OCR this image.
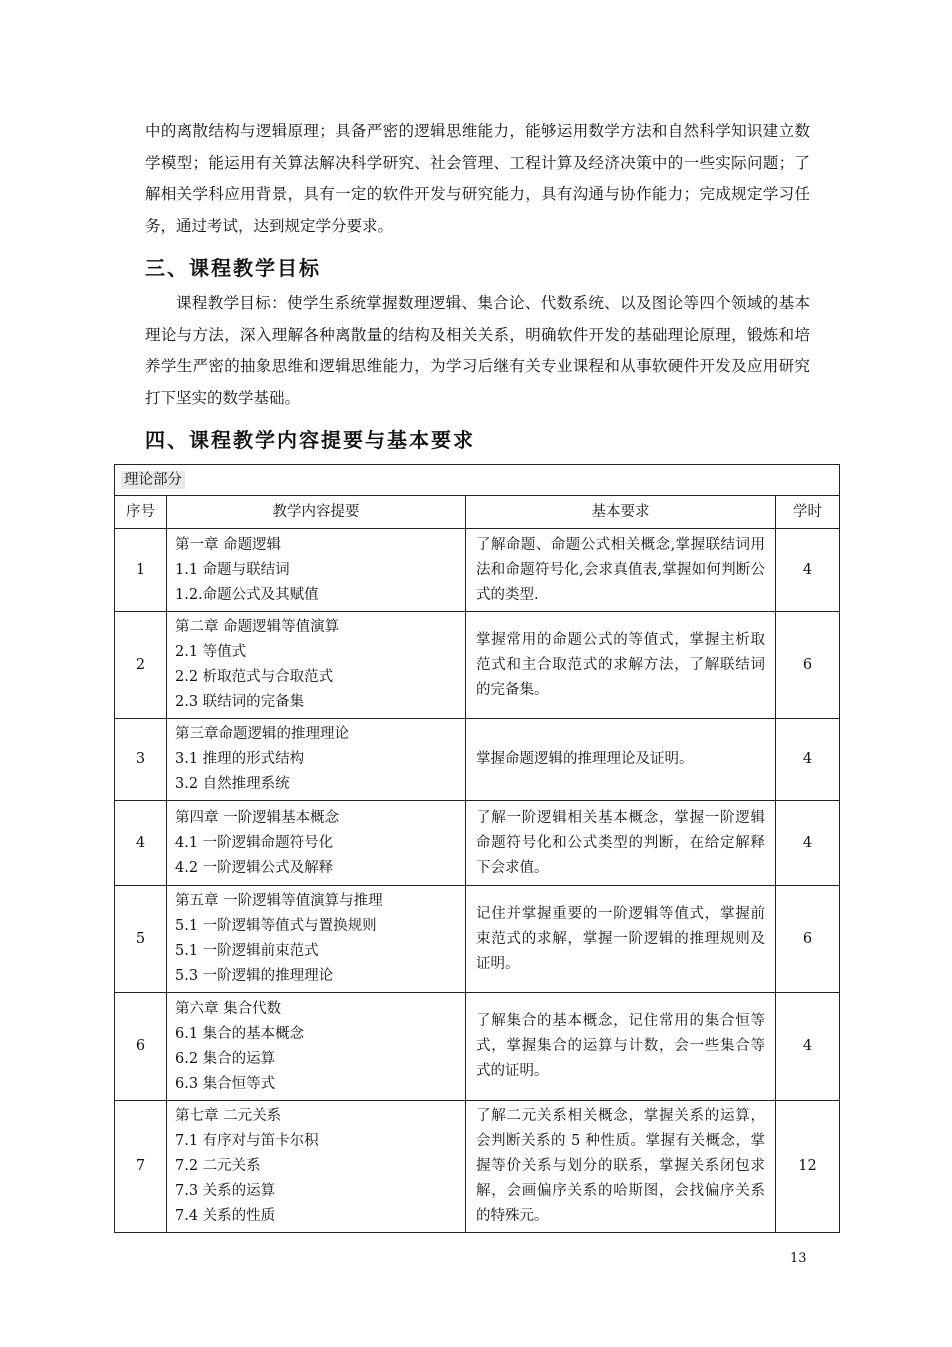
中的离散结构与逻辑原理；具备严密的逻辑思维能力，能够运用数学方法和自然科学知识建立数学模型；能运用有关算法解决科学研究、社会管理、工程计算及经济决策中的一些实际问题；了解相关学科应用背景，具有一定的软件开发与研究能力，具有沟通与协作能力；完成规定学习任务，通过考试，达到规定学分要求。

三、课程教学目标

课程教学目标：使学生系统掌握数理逻辑、集合论、代数系统、以及图论等四个领域的基本理论与方法，深入理解各种离散量的结构及相关关系，明确软件开发的基础理论原理，锻炼和培养学生严密的抽象思维和逻辑思维能力，为学习后继有关专业课程和从事软硬件开发及应用研究打下坚实的数学基础。

四、课程教学内容提要与基本要求
理论部分			
序号	教学内容提要	基本要求	学时
1	第一章 命题逻辑
1.1 命题与联结词
1.2.命题公式及其赋值	了解命题、命题公式相关概念,掌握联结词用法和命题符号化,会求真值表,掌握如何判断公式的类型.	4
2	第二章 命题逻辑等值演算
2.1 等值式
2.2 析取范式与合取范式
2.3 联结词的完备集	掌握常用的命题公式的等值式，掌握主析取范式和主合取范式的求解方法，了解联结词的完备集。	6
3	第三章命题逻辑的推理理论
3.1 推理的形式结构
3.2 自然推理系统	掌握命题逻辑的推理理论及证明。	4
4	第四章 一阶逻辑基本概念
4.1 一阶逻辑命题符号化
4.2 一阶逻辑公式及解释	了解一阶逻辑相关基本概念，掌握一阶逻辑命题符号化和公式类型的判断，在给定解释下会求值。	4
5	第五章 一阶逻辑等值演算与推理
5.1 一阶逻辑等值式与置换规则
5.1 一阶逻辑前束范式
5.3 一阶逻辑的推理理论	记住并掌握重要的一阶逻辑等值式，掌握前束范式的求解，掌握一阶逻辑的推理规则及证明。	6
6	第六章 集合代数
6.1 集合的基本概念
6.2 集合的运算
6.3 集合恒等式	了解集合的基本概念，记住常用的集合恒等式，掌握集合的运算与计数，会一些集合等式的证明。	4
7	第七章 二元关系
7.1 有序对与笛卡尔积
7.2 二元关系
7.3 关系的运算
7.4 关系的性质	了解二元关系相关概念，掌握关系的运算，会判断关系的 5 种性质。掌握有关概念，掌握等价关系与划分的联系，掌握关系闭包求解，会画偏序关系的哈斯图，会找偏序关系的特殊元。	12
13
